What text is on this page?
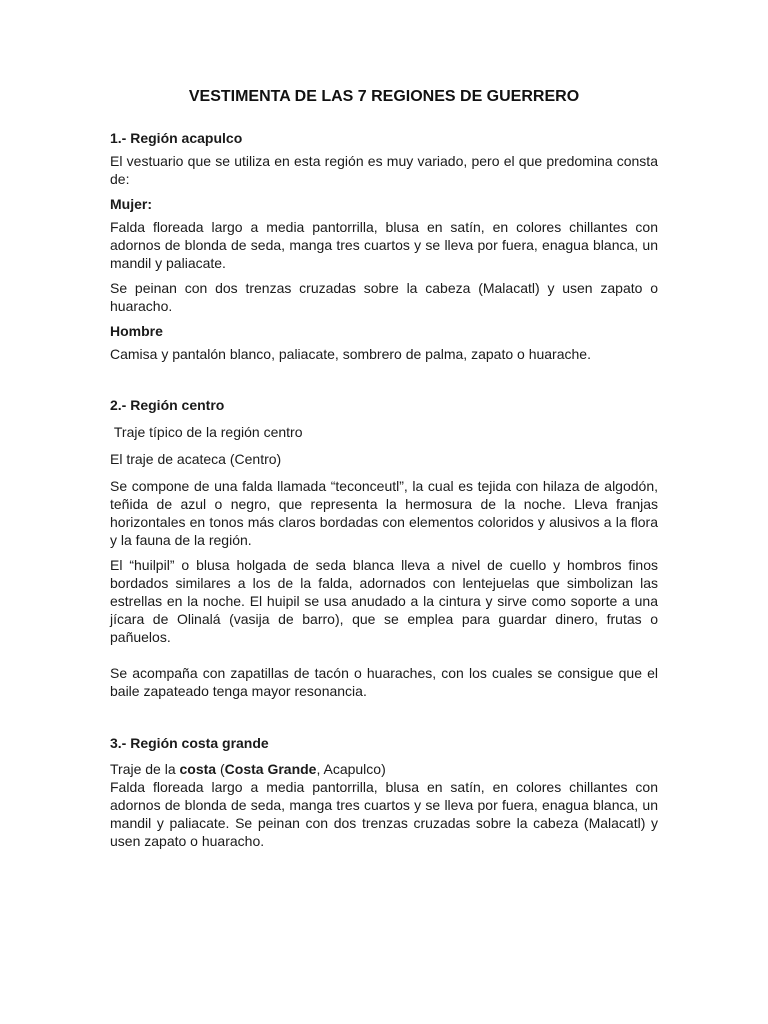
VESTIMENTA DE LAS 7 REGIONES DE GUERRERO
1.- Región acapulco

El vestuario que se utiliza en esta región es muy variado, pero el que predomina consta de:

Mujer:

Falda floreada largo a media pantorrilla, blusa en satín, en colores chillantes con adornos de blonda de seda, manga tres cuartos y se lleva por fuera, enagua blanca, un mandil y paliacate.

Se peinan con dos trenzas cruzadas sobre la cabeza (Malacatl) y usen zapato o huaracho.

Hombre

Camisa y pantalón blanco, paliacate, sombrero de palma, zapato o huarache.

2.- Región centro

Traje típico de la región centro

El traje de acateca (Centro)

Se compone de una falda llamada “teconceutl”, la cual es tejida con hilaza de algodón, teñida de azul o negro, que representa la hermosura de la noche. Lleva franjas horizontales en tonos más claros bordadas con elementos coloridos y alusivos a la flora y la fauna de la región.

El “huilpil” o blusa holgada de seda blanca lleva a nivel de cuello y hombros finos bordados similares a los de la falda, adornados con lentejuelas que simbolizan las estrellas en la noche. El huipil se usa anudado a la cintura y sirve como soporte a una jícara de Olinalá (vasija de barro), que se emplea para guardar dinero, frutas o pañuelos.

Se acompaña con zapatillas de tacón o huaraches, con los cuales se consigue que el baile zapateado tenga mayor resonancia.

3.- Región costa grande

Traje de la costa (Costa Grande, Acapulco)

Falda floreada largo a media pantorrilla, blusa en satín, en colores chillantes con adornos de blonda de seda, manga tres cuartos y se lleva por fuera, enagua blanca, un mandil y paliacate. Se peinan con dos trenzas cruzadas sobre la cabeza (Malacatl) y usen zapato o huaracho.
